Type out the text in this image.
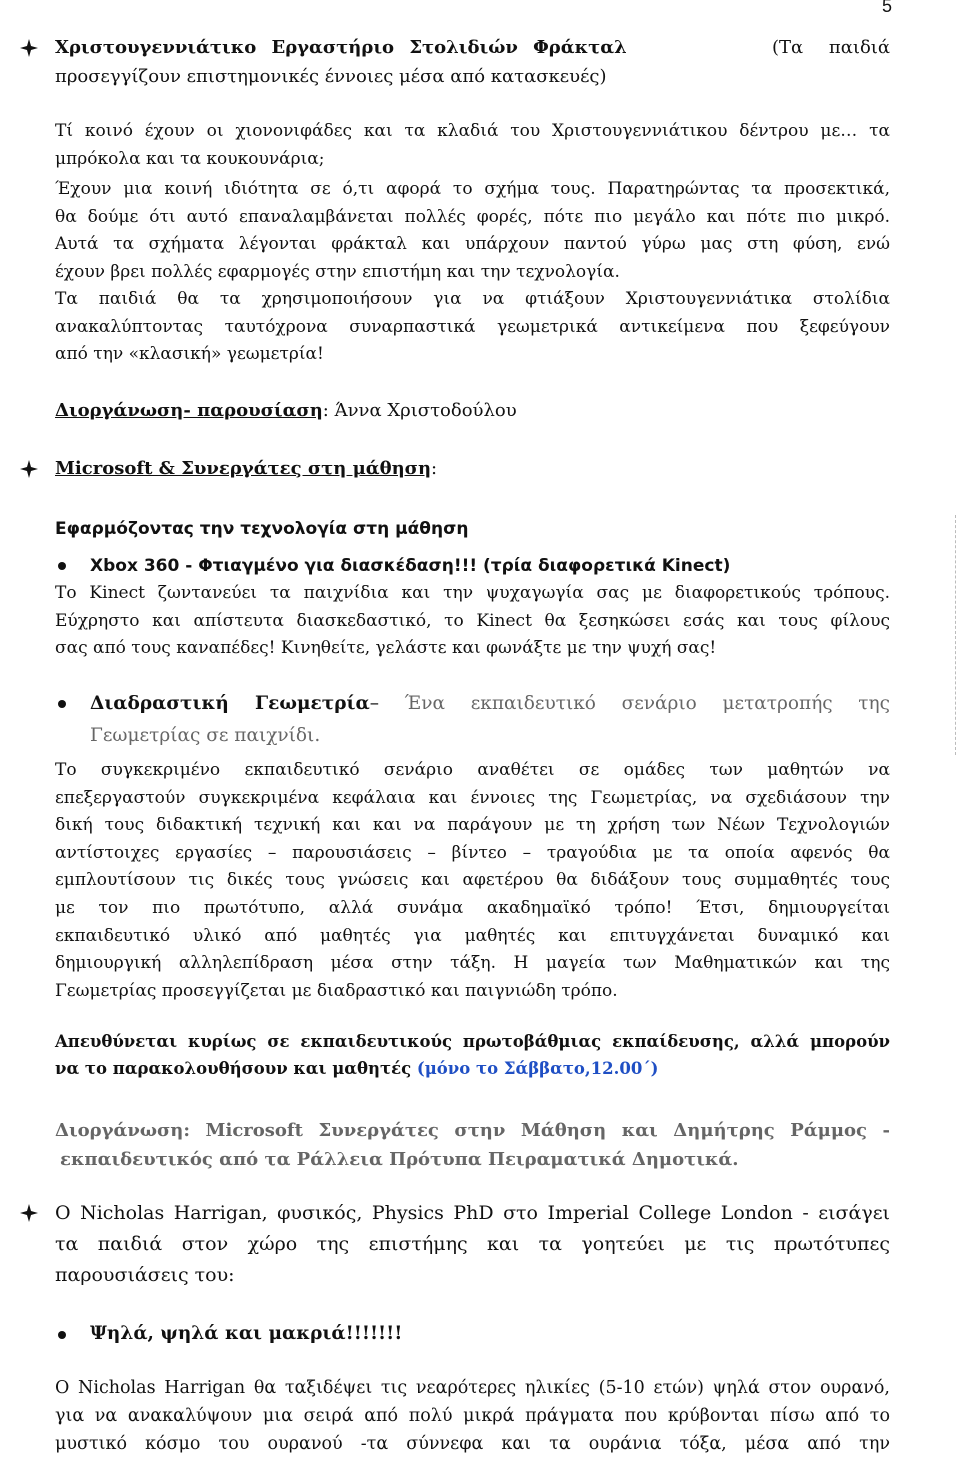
5
Χριστουγεννιάτικο Εργαστήριο Στολιδιών Φράκταλ	(Τα παιδιά
προσεγγίζουν επιστημονικές έννοιες μέσα από κατασκευές)
Τί κοινό έχουν οι χιονονιφάδες και τα κλαδιά του Χριστουγεννιάτικου δέντρου με… τα
μπρόκολα και τα κουκουνάρια;
Έχουν μια κοινή ιδιότητα σε ό,τι αφορά το σχήμα τους. Παρατηρώντας τα προσεκτικά,
θα δούμε ότι αυτό επαναλαμβάνεται πολλές φορές, πότε πιο μεγάλο και πότε πιο μικρό.
Αυτά τα σχήματα λέγονται φράκταλ και υπάρχουν παντού γύρω μας στη φύση, ενώ
έχουν βρει πολλές εφαρμογές στην επιστήμη και την τεχνολογία.
Τα παιδιά θα τα χρησιμοποιήσουν για να φτιάξουν Χριστουγεννιάτικα στολίδια
ανακαλύπτοντας ταυτόχρονα συναρπαστικά γεωμετρικά αντικείμενα που ξεφεύγουν
από την «κλασική» γεωμετρία!
Διοργάνωση- παρουσίαση: Άννα Χριστοδούλου
Microsoft & Συνεργάτες στη μάθηση:
Εφαρμόζοντας την τεχνολογία στη μάθηση
Xbox 360 - Φτιαγμένο για διασκέδαση!!! (τρία διαφορετικά Kinect)
Το Kinect ζωντανεύει τα παιχνίδια και την ψυχαγωγία σας με διαφορετικούς τρόπους.
Εύχρηστο και απίστευτα διασκεδαστικό, το Kinect θα ξεσηκώσει εσάς και τους φίλους
σας από τους καναπέδες! Κινηθείτε, γελάστε και φωνάξτε με την ψυχή σας!
Διαδραστική Γεωμετρία– Ένα εκπαιδευτικό σενάριο μετατροπής της
Γεωμετρίας σε παιχνίδι.
Το συγκεκριμένο εκπαιδευτικό σενάριο αναθέτει σε ομάδες των μαθητών να
επεξεργαστούν συγκεκριμένα κεφάλαια και έννοιες της Γεωμετρίας, να σχεδιάσουν την
δική τους διδακτική τεχνική και και να παράγουν με τη χρήση των Νέων Τεχνολογιών
αντίστοιχες εργασίες – παρουσιάσεις – βίντεο – τραγούδια με τα οποία αφενός θα
εμπλουτίσουν τις δικές τους γνώσεις και αφετέρου θα διδάξουν τους συμμαθητές τους
με τον πιο πρωτότυπο, αλλά συνάμα ακαδημαϊκό τρόπο! Έτσι, δημιουργείται
εκπαιδευτικό υλικό από μαθητές για μαθητές και επιτυγχάνεται δυναμικό και
δημιουργική αλληλεπίδραση μέσα στην τάξη. Η μαγεία των Μαθηματικών και της
Γεωμετρίας προσεγγίζεται με διαδραστικό και παιγνιώδη τρόπο.
Απευθύνεται κυρίως σε εκπαιδευτικούς πρωτοβάθμιας εκπαίδευσης, αλλά μπορούν
να το παρακολουθήσουν και μαθητές (μόνο το Σάββατο,12.00΄)
Διοργάνωση: Microsoft Συνεργάτες στην Μάθηση και Δημήτρης Ράμμος -
εκπαιδευτικός από τα Ράλλεια Πρότυπα Πειραματικά Δημοτικά.
Ο Nicholas Harrigan, φυσικός, Physics PhD στο Imperial College London - εισάγει
τα παιδιά στον χώρο της επιστήμης και τα γοητεύει με τις πρωτότυπες
παρουσιάσεις του:
Ψηλά, ψηλά και μακριά!!!!!!!
Ο Nicholas Harrigan θα ταξιδέψει τις νεαρότερες ηλικίες (5-10 ετών) ψηλά στον ουρανό,
για να ανακαλύψουν μια σειρά από πολύ μικρά πράγματα που κρύβονται πίσω από το
μυστικό κόσμο του ουρανού -τα σύννεφα και τα ουράνια τόξα, μέσα από την
